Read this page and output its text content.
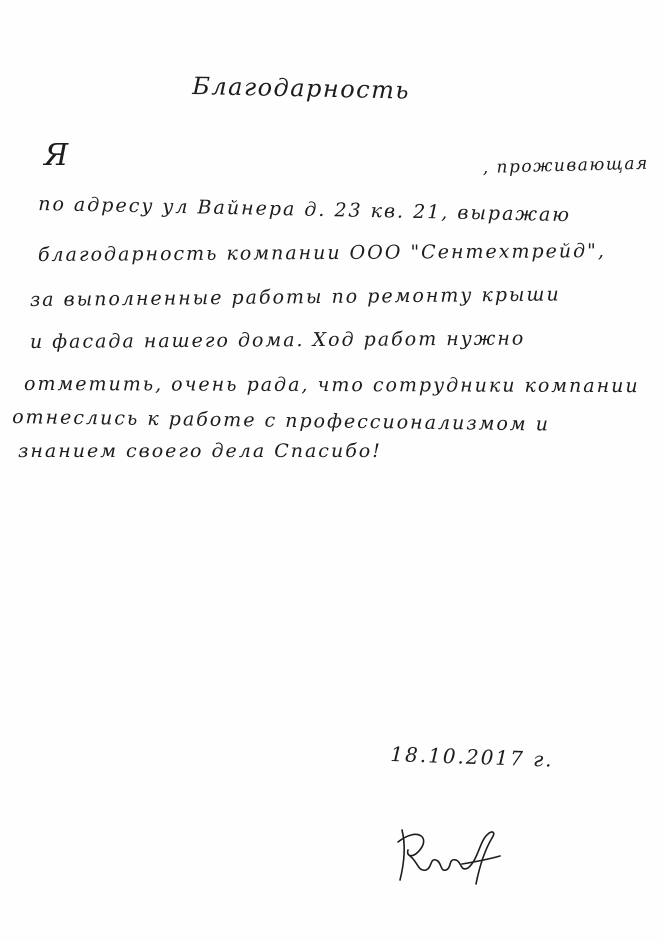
Благодарность
Я	, проживающая
по адресу ул Вайнера д. 23 кв. 21, выражаю
благодарность компании ООО "Сентехтрейд",
за выполненные работы по ремонту крыши
и фасада нашего дома. Ход работ нужно
отметить, очень рада, что сотрудники компании
отнеслись к работе с профессионализмом и
знанием своего дела Спасибо!
18.10.2017 г.
